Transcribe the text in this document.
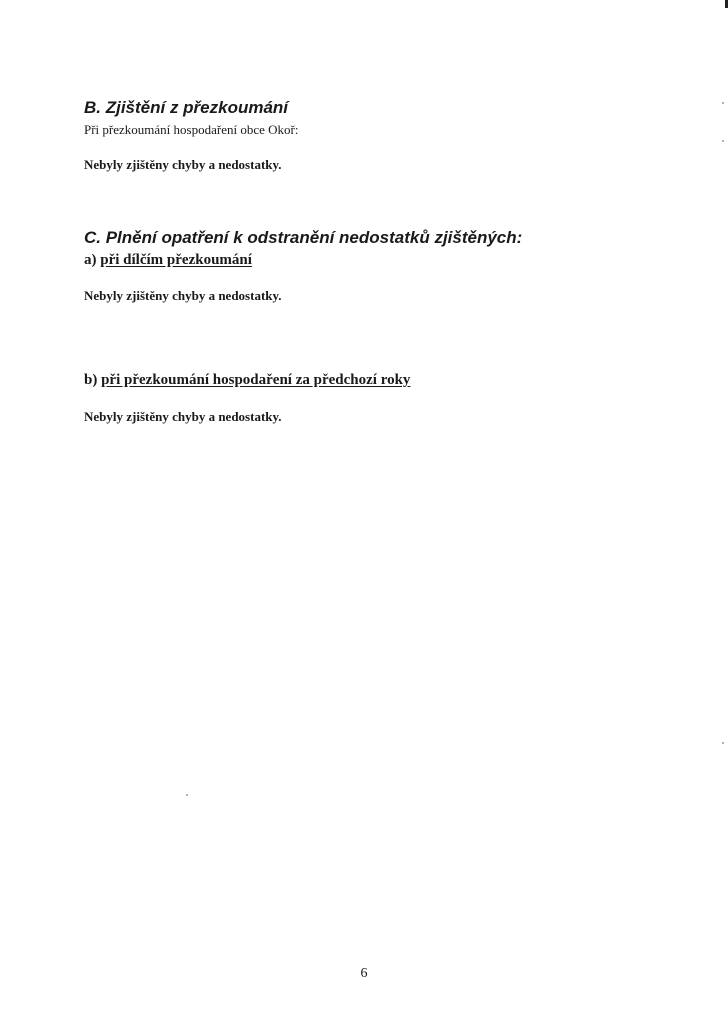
B. Zjištění z přezkoumání
Při přezkoumání hospodaření obce Okoř:
Nebyly zjištěny chyby a nedostatky.
C. Plnění opatření k odstranění nedostatků zjištěných:
a) při dílčím přezkoumání
Nebyly zjištěny chyby a nedostatky.
b) při přezkoumání hospodaření za předchozí roky
Nebyly zjištěny chyby a nedostatky.
6
